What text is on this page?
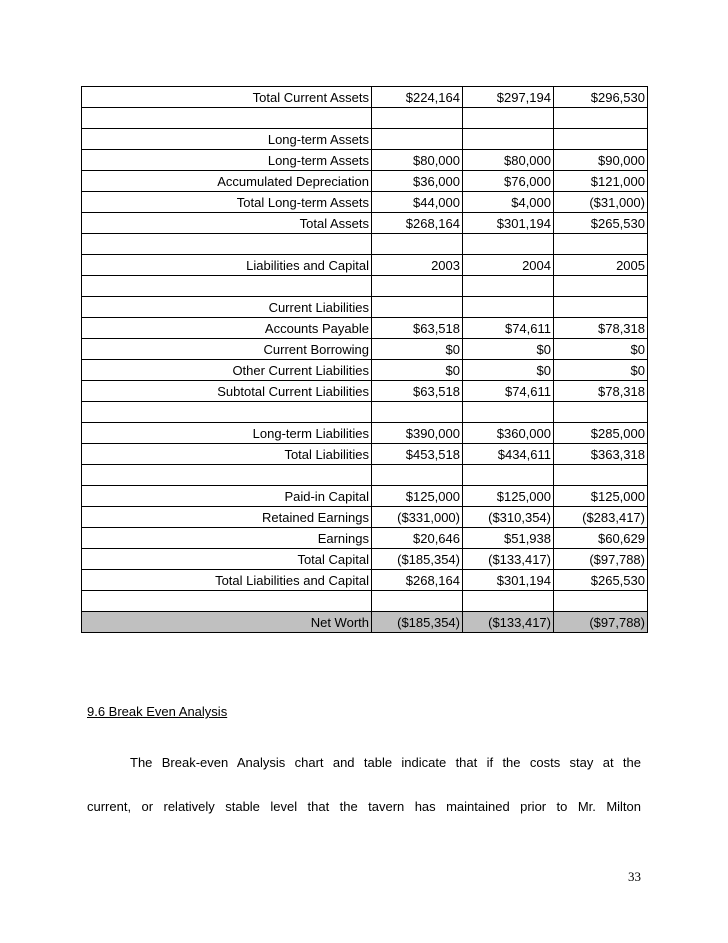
Total Current Assets	$224,164	$297,194	$296,530

Long-term Assets			
Long-term Assets	$80,000	$80,000	$90,000
Accumulated Depreciation	$36,000	$76,000	$121,000
Total Long-term Assets	$44,000	$4,000	($31,000)
Total Assets	$268,164	$301,194	$265,530

Liabilities and Capital	2003	2004	2005

Current Liabilities			
Accounts Payable	$63,518	$74,611	$78,318
Current Borrowing	$0	$0	$0
Other Current Liabilities	$0	$0	$0
Subtotal Current Liabilities	$63,518	$74,611	$78,318

Long-term Liabilities	$390,000	$360,000	$285,000
Total Liabilities	$453,518	$434,611	$363,318

Paid-in Capital	$125,000	$125,000	$125,000
Retained Earnings	($331,000)	($310,354)	($283,417)
Earnings	$20,646	$51,938	$60,629
Total Capital	($185,354)	($133,417)	($97,788)
Total Liabilities and Capital	$268,164	$301,194	$265,530

Net Worth	($185,354)	($133,417)	($97,788)
9.6 Break Even Analysis

The Break-even Analysis chart and table indicate that if the costs stay at the

current, or relatively stable level that the tavern has maintained prior to Mr. Milton

33
